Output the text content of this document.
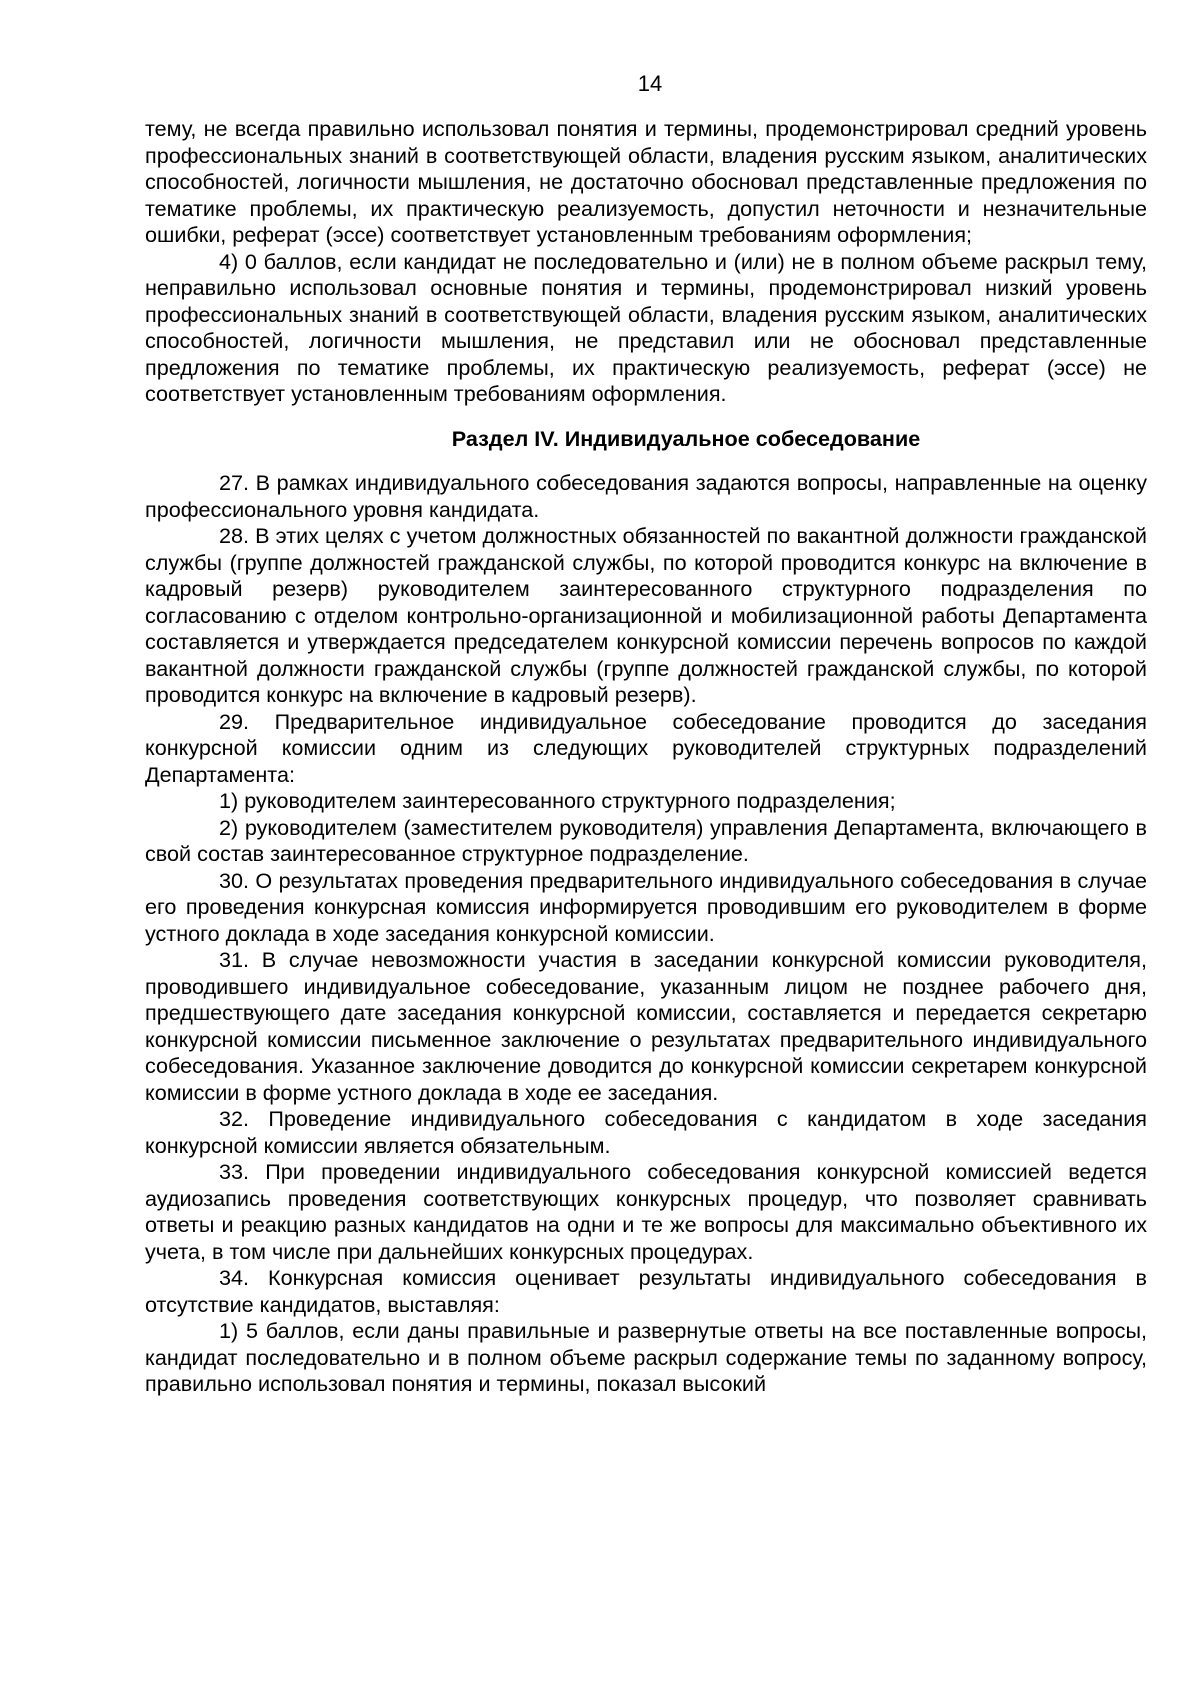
14

тему, не всегда правильно использовал понятия и термины, продемонстрировал средний уровень профессиональных знаний в соответствующей области, владения русским языком, аналитических способностей, логичности мышления, не достаточно обосновал представленные предложения по тематике проблемы, их практическую реализуемость, допустил неточности и незначительные ошибки, реферат (эссе) соответствует установленным требованиям оформления;

4) 0 баллов, если кандидат не последовательно и (или) не в полном объеме раскрыл тему, неправильно использовал основные понятия и термины, продемонстрировал низкий уровень профессиональных знаний в соответствующей области, владения русским языком, аналитических способностей, логичности мышления, не представил или не обосновал представленные предложения по тематике проблемы, их практическую реализуемость, реферат (эссе) не соответствует установленным требованиям оформления.

Раздел IV. Индивидуальное собеседование

27. В рамках индивидуального собеседования задаются вопросы, направленные на оценку профессионального уровня кандидата.

28. В этих целях с учетом должностных обязанностей по вакантной должности гражданской службы (группе должностей гражданской службы, по которой проводится конкурс на включение в кадровый резерв) руководителем заинтересованного структурного подразделения по согласованию с отделом контрольно-организационной и мобилизационной работы Департамента составляется и утверждается председателем конкурсной комиссии перечень вопросов по каждой вакантной должности гражданской службы (группе должностей гражданской службы, по которой проводится конкурс на включение в кадровый резерв).

29. Предварительное индивидуальное собеседование проводится до заседания конкурсной комиссии одним из следующих руководителей структурных подразделений Департамента:

1) руководителем заинтересованного структурного подразделения;

2) руководителем (заместителем руководителя) управления Департамента, включающего в свой состав заинтересованное структурное подразделение.

30. О результатах проведения предварительного индивидуального собеседования в случае его проведения конкурсная комиссия информируется проводившим его руководителем в форме устного доклада в ходе заседания конкурсной комиссии.

31. В случае невозможности участия в заседании конкурсной комиссии руководителя, проводившего индивидуальное собеседование, указанным лицом не позднее рабочего дня, предшествующего дате заседания конкурсной комиссии, составляется и передается секретарю конкурсной комиссии письменное заключение о результатах предварительного индивидуального собеседования. Указанное заключение доводится до конкурсной комиссии секретарем конкурсной комиссии в форме устного доклада в ходе ее заседания.

32. Проведение индивидуального собеседования с кандидатом в ходе заседания конкурсной комиссии является обязательным.

33. При проведении индивидуального собеседования конкурсной комиссией ведется аудиозапись проведения соответствующих конкурсных процедур, что позволяет сравнивать ответы и реакцию разных кандидатов на одни и те же вопросы для максимально объективного их учета, в том числе при дальнейших конкурсных процедурах.

34. Конкурсная комиссия оценивает результаты индивидуального собеседования в отсутствие кандидатов, выставляя:

1) 5 баллов, если даны правильные и развернутые ответы на все поставленные вопросы, кандидат последовательно и в полном объеме раскрыл содержание темы по заданному вопросу, правильно использовал понятия и термины, показал высокий
